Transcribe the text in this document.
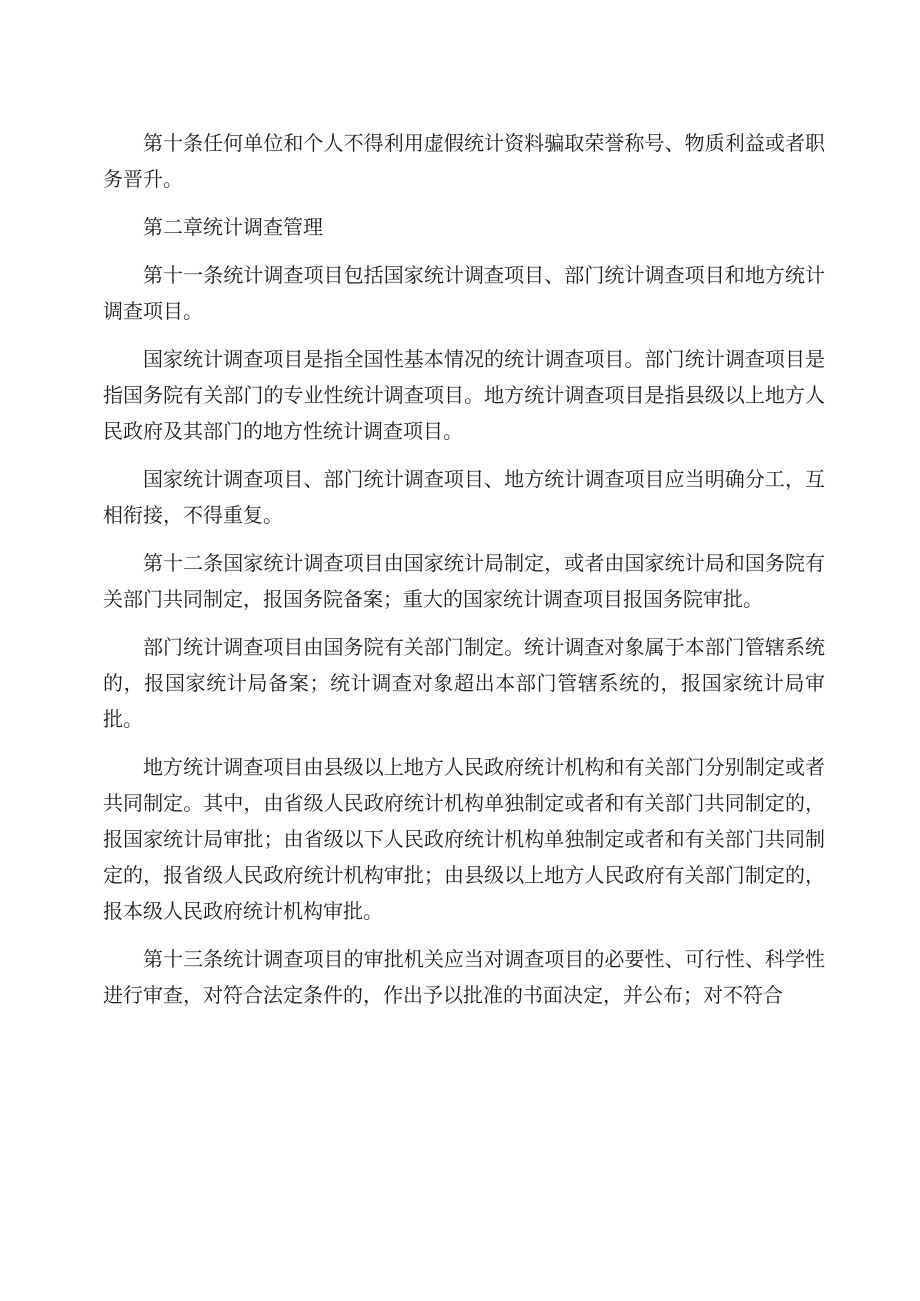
第十条任何单位和个人不得利用虚假统计资料骗取荣誉称号、物质利益或者职务晋升。

第二章统计调查管理

第十一条统计调查项目包括国家统计调查项目、部门统计调查项目和地方统计调查项目。

国家统计调查项目是指全国性基本情况的统计调查项目。部门统计调查项目是指国务院有关部门的专业性统计调查项目。地方统计调查项目是指县级以上地方人民政府及其部门的地方性统计调查项目。

国家统计调查项目、部门统计调查项目、地方统计调查项目应当明确分工，互相衔接，不得重复。

第十二条国家统计调查项目由国家统计局制定，或者由国家统计局和国务院有关部门共同制定，报国务院备案；重大的国家统计调查项目报国务院审批。

部门统计调查项目由国务院有关部门制定。统计调查对象属于本部门管辖系统的，报国家统计局备案；统计调查对象超出本部门管辖系统的，报国家统计局审批。

地方统计调查项目由县级以上地方人民政府统计机构和有关部门分别制定或者共同制定。其中，由省级人民政府统计机构单独制定或者和有关部门共同制定的，报国家统计局审批；由省级以下人民政府统计机构单独制定或者和有关部门共同制定的，报省级人民政府统计机构审批；由县级以上地方人民政府有关部门制定的，报本级人民政府统计机构审批。

第十三条统计调查项目的审批机关应当对调查项目的必要性、可行性、科学性进行审查，对符合法定条件的，作出予以批准的书面决定，并公布；对不符合
